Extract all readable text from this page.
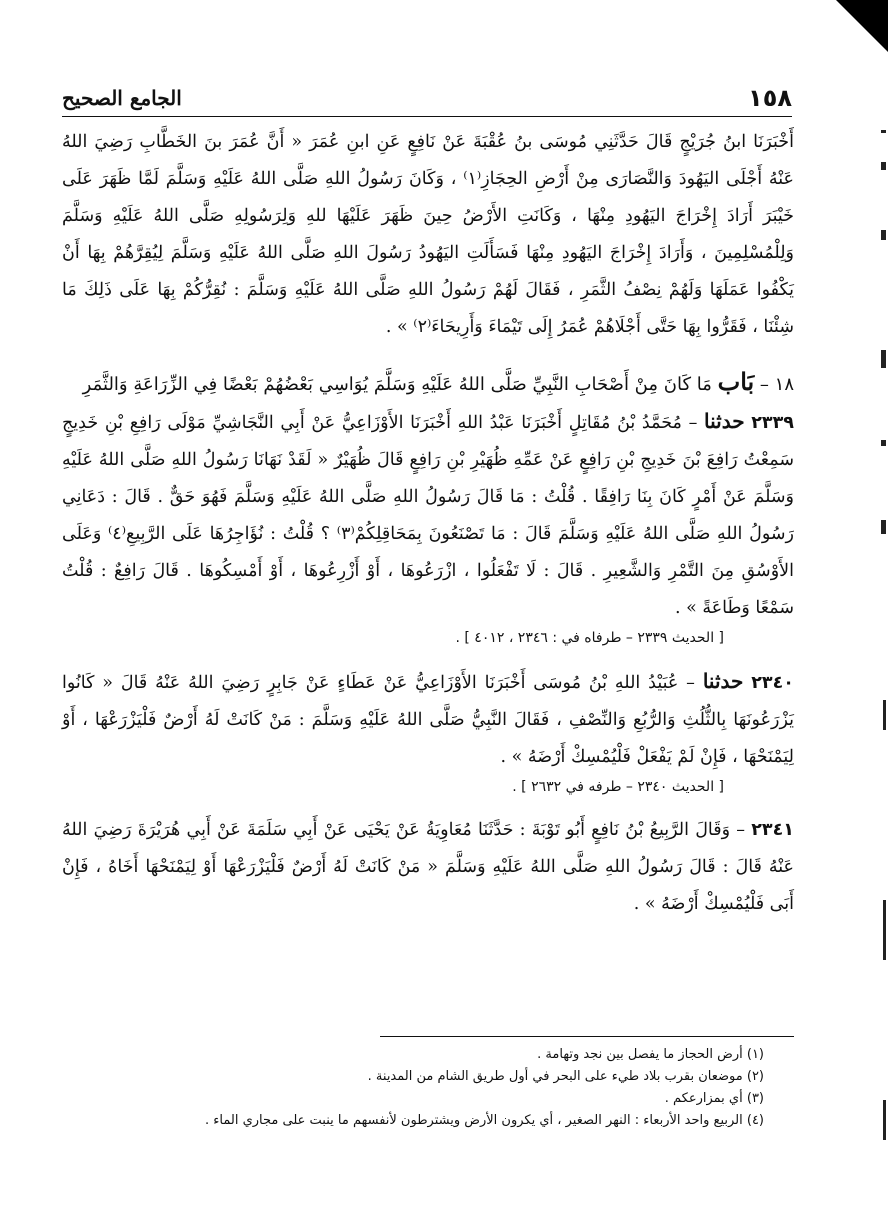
١٥٨
الجامع الصحيح

أَخْبَرَنَا ابنُ جُرَيْجٍ قَالَ حَدَّثَنِي مُوسَى بنُ عُقْبَةَ عَنْ نَافِعٍ عَنِ ابنِ عُمَرَ « أَنَّ عُمَرَ بنَ الخَطَّابِ رَضِيَ اللهُ عَنْهُ أَجْلَى اليَهُودَ وَالنَّصَارَى مِنْ أَرْضِ الحِجَازِ⁽١⁾ ، وَكَانَ رَسُولُ اللهِ صَلَّى اللهُ عَلَيْهِ وَسَلَّمَ لَمَّا ظَهَرَ عَلَى خَيْبَرَ أَرَادَ إِخْرَاجَ اليَهُودِ مِنْهَا ، وَكَانَتِ الأَرْضُ حِينَ ظَهَرَ عَلَيْهَا للهِ وَلِرَسُولِهِ صَلَّى اللهُ عَلَيْهِ وَسَلَّمَ وَلِلْمُسْلِمِينَ ، وَأَرَادَ إِخْرَاجَ اليَهُودِ مِنْهَا فَسَأَلَتِ اليَهُودُ رَسُولَ اللهِ صَلَّى اللهُ عَلَيْهِ وَسَلَّمَ لِيُقِرَّهُمْ بِهَا أَنْ يَكْفُوا عَمَلَهَا وَلَهُمْ نِصْفُ الثَّمَرِ ، فَقَالَ لَهُمْ رَسُولُ اللهِ صَلَّى اللهُ عَلَيْهِ وَسَلَّمَ : نُقِرُّكُمْ بِهَا عَلَى ذَلِكَ مَا شِئْنَا ، فَقَرُّوا بِهَا حَتَّى أَجْلَاهُمْ عُمَرُ إِلَى تَيْمَاءَ وَأَرِيحَاءَ⁽٢⁾ » .

١٨ – بَاب مَا كَانَ مِنْ أَصْحَابِ النَّبِيِّ صَلَّى اللهُ عَلَيْهِ وَسَلَّمَ يُوَاسِي بَعْضُهُمْ بَعْضًا فِي الزِّرَاعَةِ وَالثَّمَرِ

٢٣٣٩ حدثنا – مُحَمَّدُ بْنُ مُقَاتِلٍ أَخْبَرَنَا عَبْدُ اللهِ أَخْبَرَنَا الأَوْزَاعِيُّ عَنْ أَبِي النَّجَاشِيِّ مَوْلَى رَافِعِ بْنِ خَدِيجٍ سَمِعْتُ رَافِعَ بْنَ خَدِيجِ بْنِ رَافِعٍ عَنْ عَمِّهِ ظُهَيْرِ بْنِ رَافِعٍ قَالَ ظُهَيْرٌ « لَقَدْ نَهَانَا رَسُولُ اللهِ صَلَّى اللهُ عَلَيْهِ وَسَلَّمَ عَنْ أَمْرٍ كَانَ بِنَا رَافِقًا . قُلْتُ : مَا قَالَ رَسُولُ اللهِ صَلَّى اللهُ عَلَيْهِ وَسَلَّمَ فَهُوَ حَقٌّ . قَالَ : دَعَانِي رَسُولُ اللهِ صَلَّى اللهُ عَلَيْهِ وَسَلَّمَ قَالَ : مَا تَصْنَعُونَ بِمَحَاقِلِكُمْ⁽٣⁾ ؟ قُلْتُ : نُؤَاجِرُهَا عَلَى الرَّبِيعِ⁽٤⁾ وَعَلَى الأَوْسُقِ مِنَ التَّمْرِ وَالشَّعِيرِ . قَالَ : لَا تَفْعَلُوا ، ازْرَعُوهَا ، أَوْ أَزْرِعُوهَا ، أَوْ أَمْسِكُوهَا . قَالَ رَافِعٌ : قُلْتُ سَمْعًا وَطَاعَةً » .

[ الحديث ٢٣٣٩ – طرفاه في : ٢٣٤٦ ، ٤٠١٢ ] .

٢٣٤٠ حدثنا – عُبَيْدُ اللهِ بْنُ مُوسَى أَخْبَرَنَا الأَوْزَاعِيُّ عَنْ عَطَاءٍ عَنْ جَابِرٍ رَضِيَ اللهُ عَنْهُ قَالَ « كَانُوا يَزْرَعُونَهَا بِالثُّلُثِ وَالرُّبُعِ وَالنِّصْفِ ، فَقَالَ النَّبِيُّ صَلَّى اللهُ عَلَيْهِ وَسَلَّمَ : مَنْ كَانَتْ لَهُ أَرْضٌ فَلْيَزْرَعْهَا ، أَوْ لِيَمْنَحْهَا ، فَإِنْ لَمْ يَفْعَلْ فَلْيُمْسِكْ أَرْضَهُ » .

[ الحديث ٢٣٤٠ – طرفه في ٢٦٣٢ ] .

٢٣٤١ – وَقَالَ الرَّبِيعُ بْنُ نَافِعٍ أَبُو تَوْبَةَ : حَدَّثَنَا مُعَاوِيَةُ عَنْ يَحْيَى عَنْ أَبِي سَلَمَةَ عَنْ أَبِي هُرَيْرَةَ رَضِيَ اللهُ عَنْهُ قَالَ : قَالَ رَسُولُ اللهِ صَلَّى اللهُ عَلَيْهِ وَسَلَّمَ « مَنْ كَانَتْ لَهُ أَرْضٌ فَلْيَزْرَعْهَا أَوْ لِيَمْنَحْهَا أَخَاهُ ، فَإِنْ أَبَى فَلْيُمْسِكْ أَرْضَهُ » .

(١) أرض الحجاز ما يفصل بين نجد وتهامة .

(٢) موضعان بقرب بلاد طيء على البحر في أول طريق الشام من المدينة .

(٣) أي بمزارعكم .

(٤) الربيع واحد الأربعاء : النهر الصغير ، أي يكرون الأرض ويشترطون لأنفسهم ما ينبت على مجاري الماء .
